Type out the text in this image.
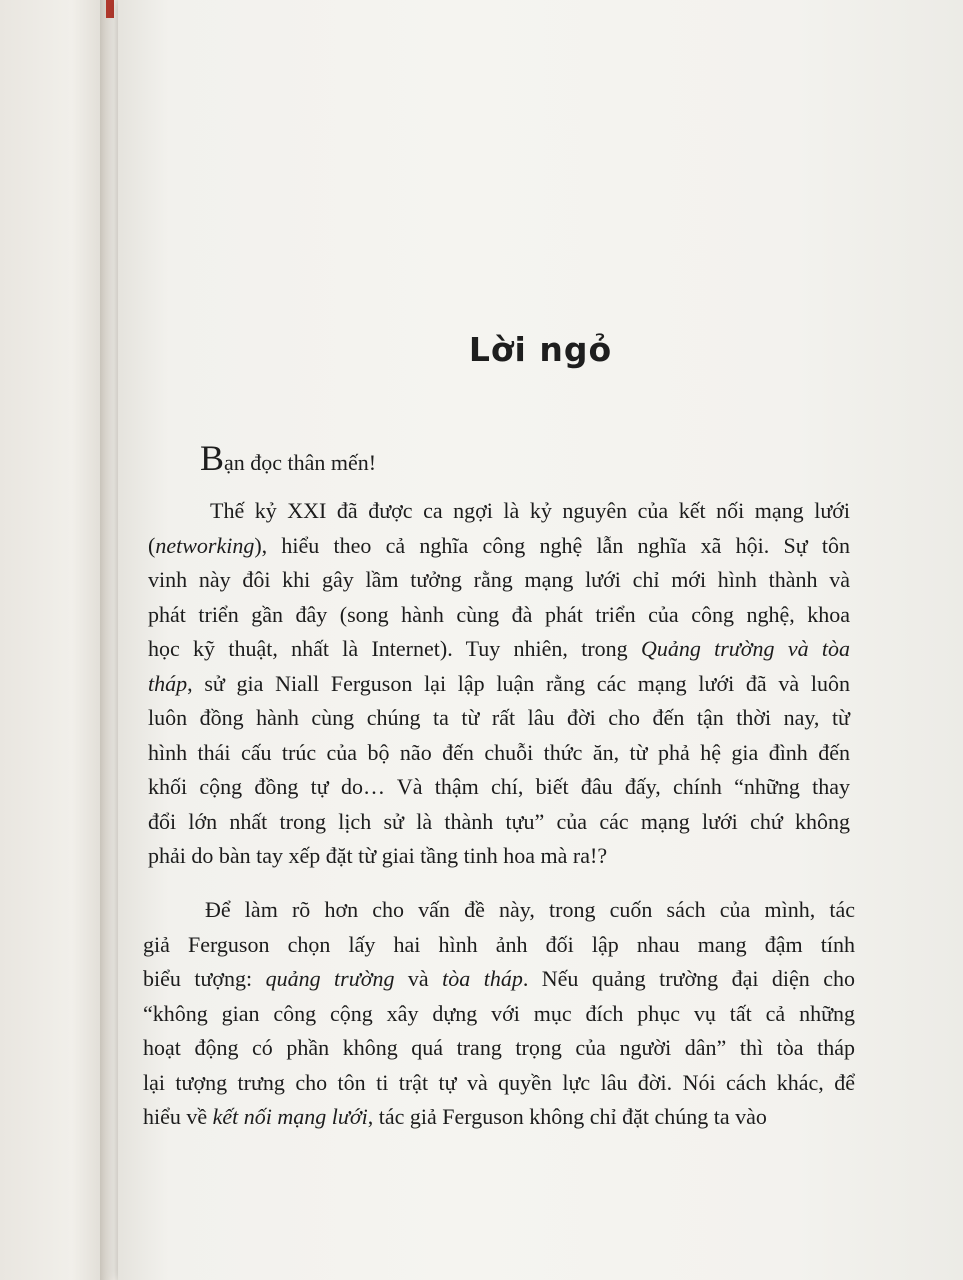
Lời ngỏ
Bạn đọc thân mến!
Thế kỷ XXI đã được ca ngợi là kỷ nguyên của kết nối mạng lưới
(networking), hiểu theo cả nghĩa công nghệ lẫn nghĩa xã hội. Sự tôn
vinh này đôi khi gây lầm tưởng rằng mạng lưới chỉ mới hình thành và
phát triển gần đây (song hành cùng đà phát triển của công nghệ, khoa
học kỹ thuật, nhất là Internet). Tuy nhiên, trong Quảng trường và tòa
tháp, sử gia Niall Ferguson lại lập luận rằng các mạng lưới đã và luôn
luôn đồng hành cùng chúng ta từ rất lâu đời cho đến tận thời nay, từ
hình thái cấu trúc của bộ não đến chuỗi thức ăn, từ phả hệ gia đình đến
khối cộng đồng tự do… Và thậm chí, biết đâu đấy, chính “những thay
đổi lớn nhất trong lịch sử là thành tựu” của các mạng lưới chứ không
phải do bàn tay xếp đặt từ giai tầng tinh hoa mà ra!?
Để làm rõ hơn cho vấn đề này, trong cuốn sách của mình, tác
giả Ferguson chọn lấy hai hình ảnh đối lập nhau mang đậm tính
biểu tượng: quảng trường và tòa tháp. Nếu quảng trường đại diện cho
“không gian công cộng xây dựng với mục đích phục vụ tất cả những
hoạt động có phần không quá trang trọng của người dân” thì tòa tháp
lại tượng trưng cho tôn ti trật tự và quyền lực lâu đời. Nói cách khác, để
hiểu về kết nối mạng lưới, tác giả Ferguson không chỉ đặt chúng ta vào
